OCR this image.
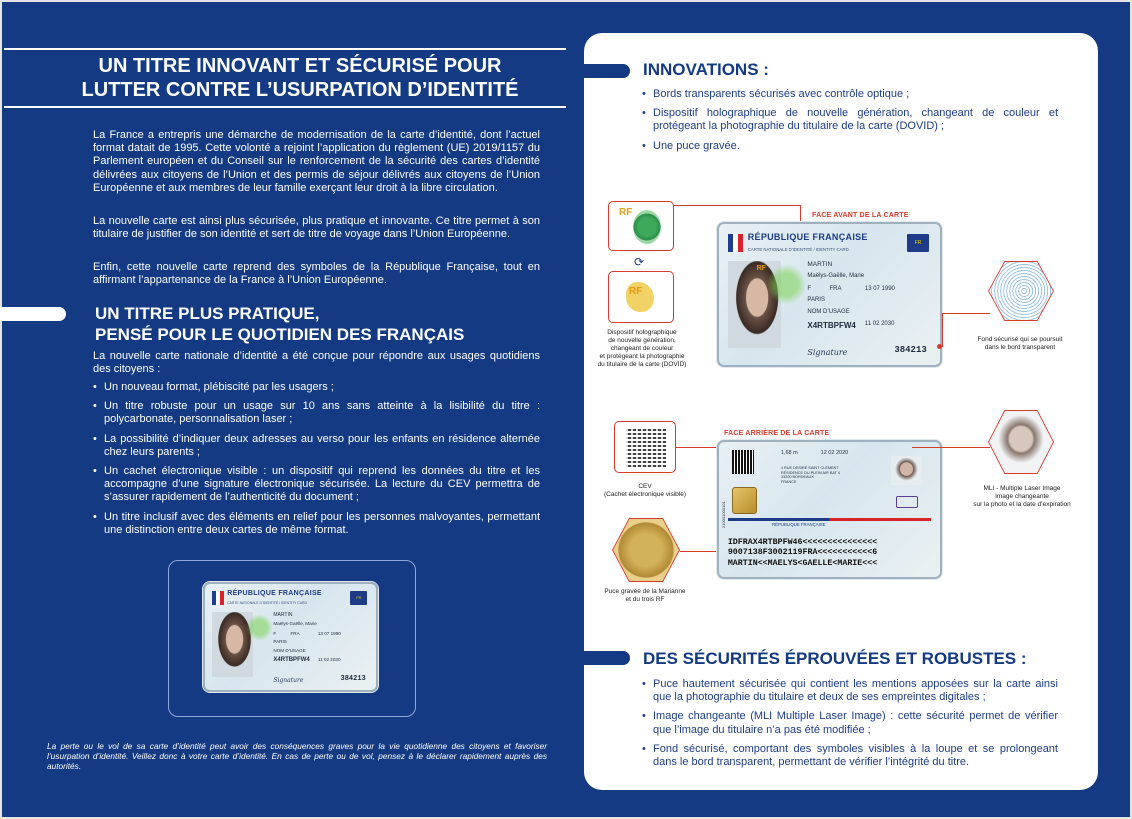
UN TITRE INNOVANT ET SÉCURISÉ POUR
LUTTER CONTRE L’USURPATION D’IDENTITÉ

La France a entrepris une démarche de modernisation de la carte d’identité, dont l’actuel format datait de 1995. Cette volonté a rejoint l’application du règlement (UE) 2019/1157 du Parlement européen et du Conseil sur le renforcement de la sécurité des cartes d’identité délivrées aux citoyens de l’Union et des permis de séjour délivrés aux citoyens de l’Union Européenne et aux membres de leur famille exerçant leur droit à la libre circulation.

La nouvelle carte est ainsi plus sécurisée, plus pratique et innovante. Ce titre permet à son titulaire de justifier de son identité et sert de titre de voyage dans l’Union Européenne.

Enfin, cette nouvelle carte reprend des symboles de la République Française, tout en affirmant l’appartenance de la France à l’Union Européenne.

UN TITRE PLUS PRATIQUE,
PENSÉ POUR LE QUOTIDIEN DES FRANÇAIS

La nouvelle carte nationale d’identité a été conçue pour répondre aux usages quotidiens des citoyens :

• Un nouveau format, plébiscité par les usagers ;
• Un titre robuste pour un usage sur 10 ans sans atteinte à la lisibilité du titre : polycarbonate, personnalisation laser ;
• La possibilité d’indiquer deux adresses au verso pour les enfants en résidence alternée chez leurs parents ;
• Un cachet électronique visible : un dispositif qui reprend les données du titre et les accompagne d’une signature électronique sécurisée. La lecture du CEV permettra de s’assurer rapidement de l’authenticité du document ;
• Un titre inclusif avec des éléments en relief pour les personnes malvoyantes, permettant une distinction entre deux cartes de même format.
RÉPUBLIQUE FRANÇAISE
CARTE NATIONALE D’IDENTITÉ / IDENTITY CARD
FR
MARTIN
Maëlys-Gaëlle, Marie
F	FRA	13 07 1990
PARIS
NOM D’USAGE
X4RTBPFW4 11 02 2030
Signature	384213

La perte ou le vol de sa carte d’identité peut avoir des conséquences graves pour la vie quotidienne des citoyens et favoriser l’usurpation d’identité. Veillez donc à votre carte d’identité. En cas de perte ou de vol, pensez à le déclarer rapidement auprès des autorités.

INNOVATIONS :
• Bords transparents sécurisés avec contrôle optique ;
• Dispositif holographique de nouvelle génération, changeant de couleur et protégeant la photographie du titulaire de la carte (DOVID) ;
• Une puce gravée.
FACE AVANT DE LA CARTE
RF
⟳
RF
Dispositif holographique
de nouvelle génération,
changeant de couleur
et protégeant la photographie
du titulaire de la carte (DOVID)
RÉPUBLIQUE FRANÇAISE
CARTE NATIONALE D’IDENTITÉ / IDENTITY CARD
FR
RF
MARTIN
Maëlys-Gaëlle, Marie
F	FRA	13 07 1990
PARIS
NOM D’USAGE
X4RTBPFW4 11 02 2030
Signature	384213
Fond sécurisé qui se poursuit
dans le bord transparent
FACE ARRIÈRE DE LA CARTE
CEV
(Cachet électronique visible)
Puce gravée de la Marianne
et du trois RF
1,68 m	12 02 2020
4 RUE DESIRÉ SAINT CLÉMENT
RÉSIDENCE DU PLEIN AIR BAT 4
33200 BORDEAUX
FRANCE
RÉPUBLIQUE FRANÇAISE
210001000101
IDFRAX4RTBPFW46<<<<<<<<<<<<<<<
9007138F3002119FRA<<<<<<<<<<<6
MARTIN<<MAELYS<GAELLE<MARIE<<<
MLI - Multiple Laser Image
Image changeante
sur la photo et la date d’expiration
DES SÉCURITÉS ÉPROUVÉES ET ROBUSTES :
• Puce hautement sécurisée qui contient les mentions apposées sur la carte ainsi que la photographie du titulaire et deux de ses empreintes digitales ;
• Image changeante (MLI Multiple Laser Image) : cette sécurité permet de vérifier que l’image du titulaire n’a pas été modifiée ;
• Fond sécurisé, comportant des symboles visibles à la loupe et se prolongeant dans le bord transparent, permettant de vérifier l’intégrité du titre.
